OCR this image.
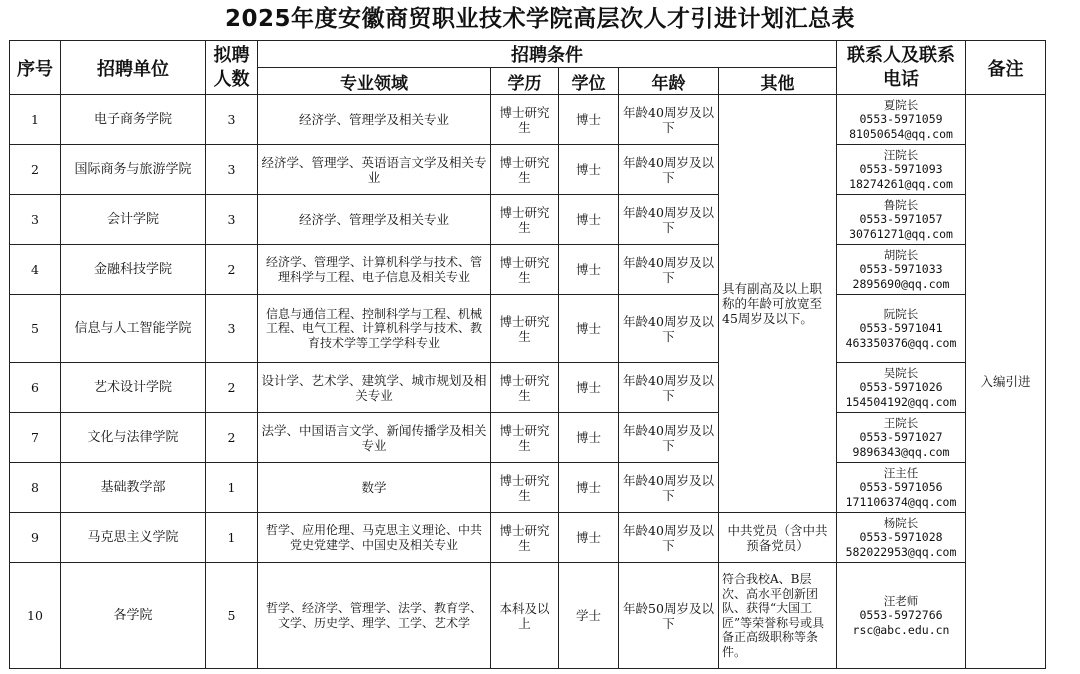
2025年度安徽商贸职业技术学院高层次人才引进计划汇总表
序号	招聘单位	拟聘人数	招聘条件					联系人及联系电话	备注
			专业领域	学历	学位	年龄	其他		
1	电子商务学院	3	经济学、管理学及相关专业	博士研究生	博士	年龄40周岁及以下	具有副高及以上职称的年龄可放宽至45周岁及以下。	夏院长
0553-5971059
81050654@qq.com	入编引进
2	国际商务与旅游学院	3	经济学、管理学、英语语言文学及相关专业	博士研究生	博士	年龄40周岁及以下		汪院长
0553-5971093
18274261@qq.com	

3	会计学院	3	经济学、管理学及相关专业	博士研究生	博士	年龄40周岁及以下		鲁院长
0553-5971057
30761271@qq.com	

4	金融科技学院	2	经济学、管理学、计算机科学与技术、管理科学与工程、电子信息及相关专业	博士研究生	博士	年龄40周岁及以下		胡院长
0553-5971033
2895690@qq.com	

5	信息与人工智能学院	3	信息与通信工程、控制科学与工程、机械工程、电气工程、计算机科学与技术、教育技术学等工学学科专业	博士研究生	博士	年龄40周岁及以下		阮院长
0553-5971041
463350376@qq.com	

6	艺术设计学院	2	设计学、艺术学、建筑学、城市规划及相关专业	博士研究生	博士	年龄40周岁及以下		吴院长
0553-5971026
154504192@qq.com	

7	文化与法律学院	2	法学、中国语言文学、新闻传播学及相关专业	博士研究生	博士	年龄40周岁及以下		王院长
0553-5971027
9896343@qq.com	

8	基础教学部	1	数学	博士研究生	博士	年龄40周岁及以下		汪主任
0553-5971056
171106374@qq.com	

9	马克思主义学院	1	哲学、应用伦理、马克思主义理论、中共党史党建学、中国史及相关专业	博士研究生	博士	年龄40周岁及以下	中共党员（含中共预备党员）	杨院长
0553-5971028
582022953@qq.com	

10	各学院	5	哲学、经济学、管理学、法学、教育学、文学、历史学、理学、工学、艺术学	本科及以上	学士	年龄50周岁及以下	符合我校A、B层次、高水平创新团队、获得“大国工匠”等荣誉称号或具备正高级职称等条件。	汪老师
0553-5972766
rsc@abc.edu.cn	
